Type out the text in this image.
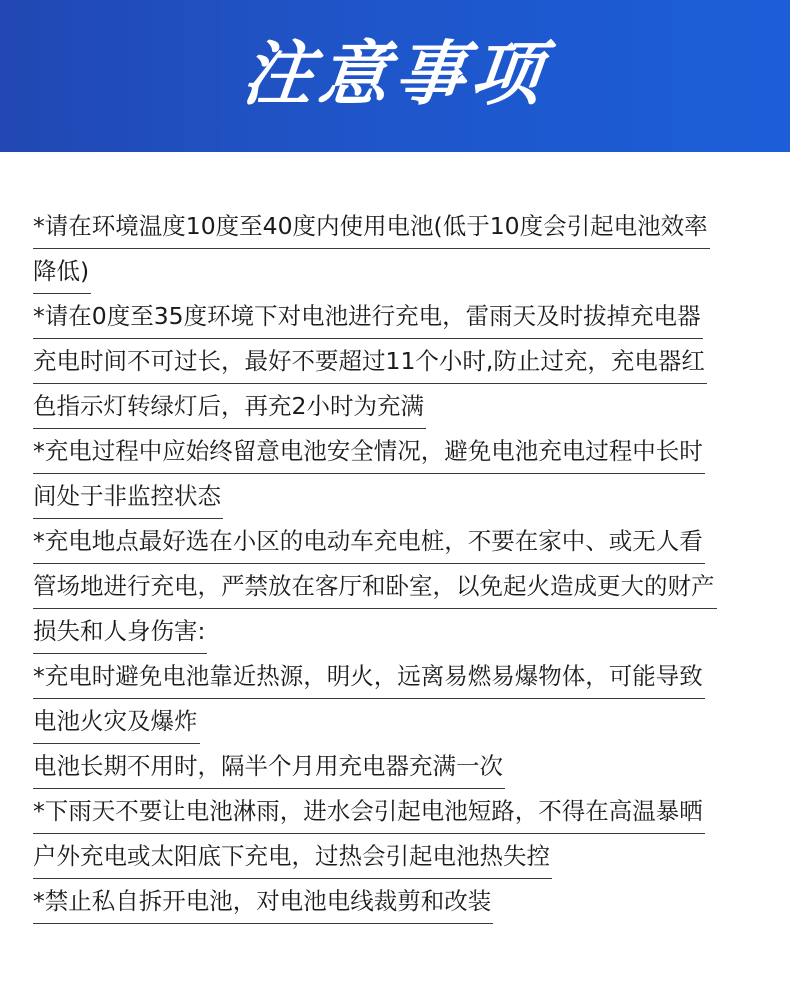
注意事项
*请在环境温度10度至40度内使用电池(低于10度会引起电池效率
降低)
*请在0度至35度环境下对电池进行充电，雷雨天及时拔掉充电器
充电时间不可过长，最好不要超过11个小时,防止过充，充电器红
色指示灯转绿灯后，再充2小时为充满
*充电过程中应始终留意电池安全情况，避免电池充电过程中长时
间处于非监控状态
*充电地点最好选在小区的电动车充电桩，不要在家中、或无人看
管场地进行充电，严禁放在客厅和卧室，以免起火造成更大的财产
损失和人身伤害:
*充电时避免电池靠近热源，明火，远离易燃易爆物体，可能导致
电池火灾及爆炸
电池长期不用时，隔半个月用充电器充满一次
*下雨天不要让电池淋雨，进水会引起电池短路，不得在高温暴晒
户外充电或太阳底下充电，过热会引起电池热失控
*禁止私自拆开电池，对电池电线裁剪和改装
